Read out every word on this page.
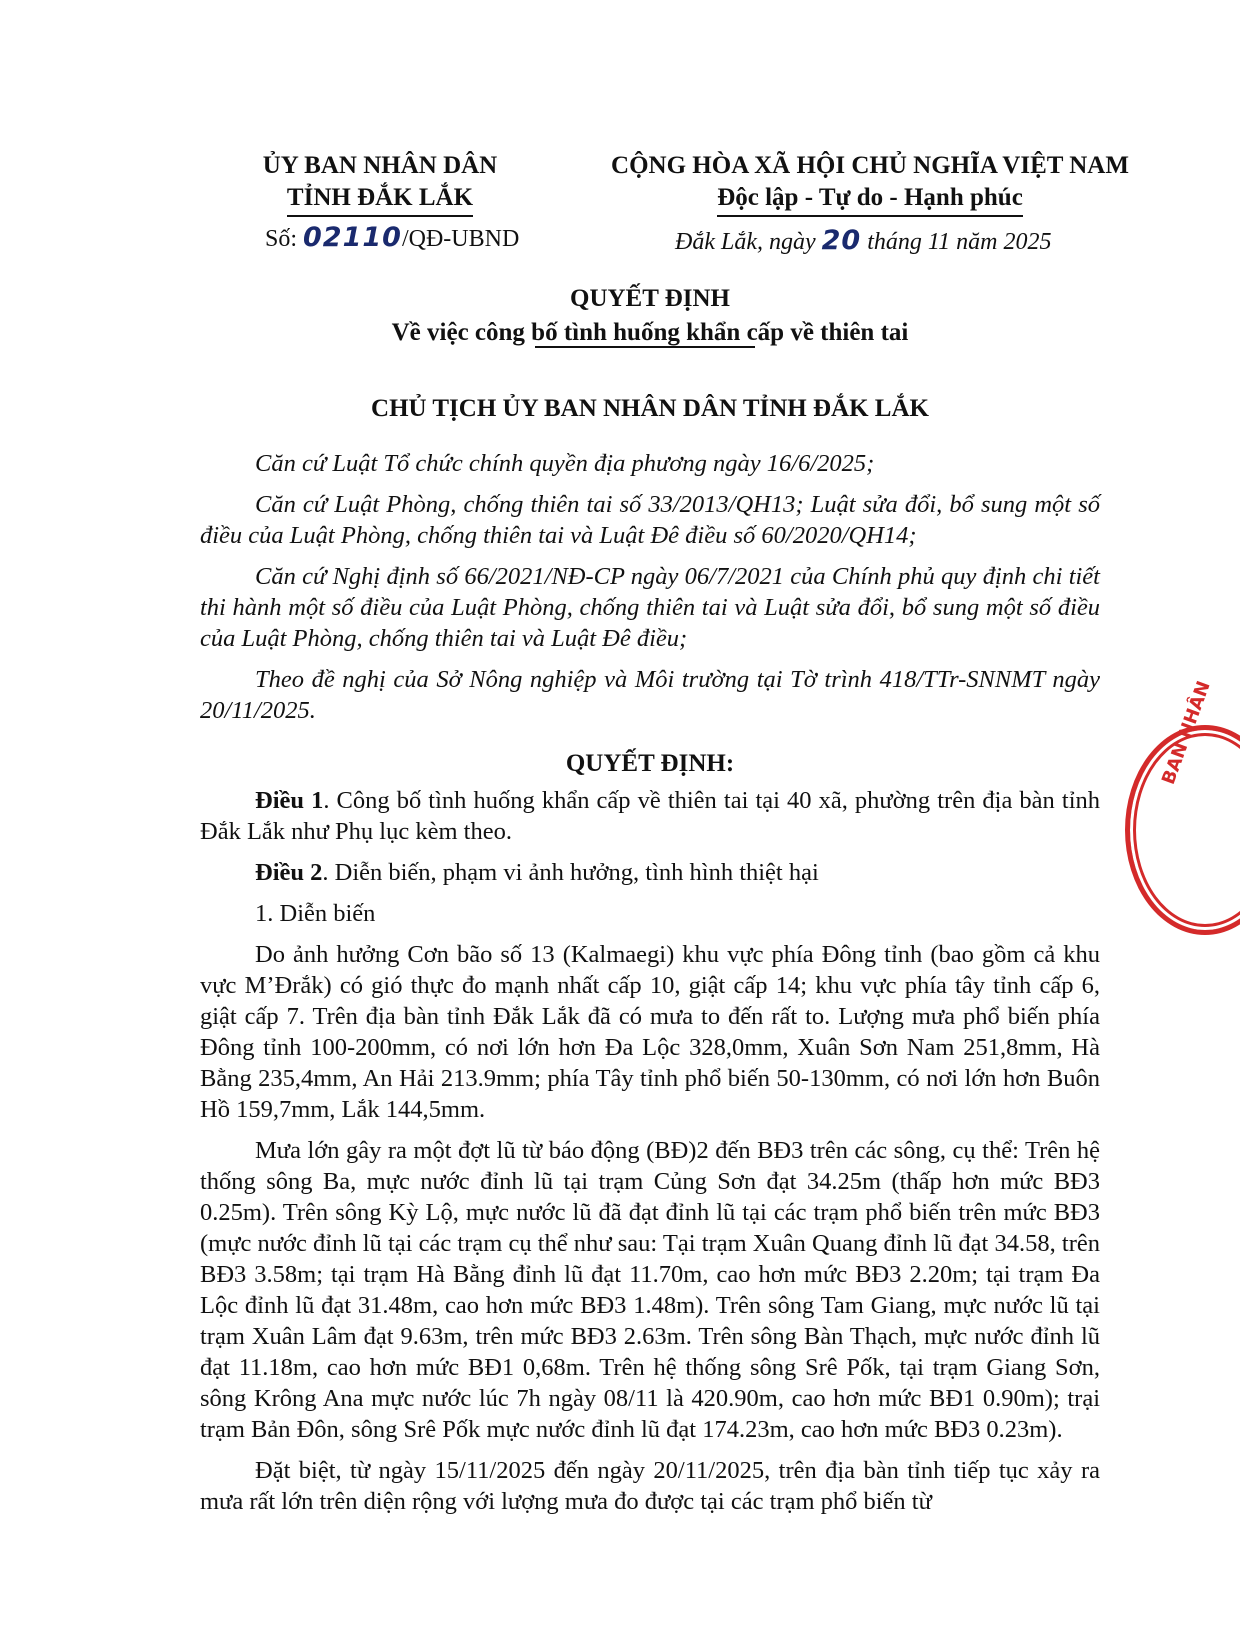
ỦY BAN NHÂN DÂN
TỈNH ĐẮK LẮK
CỘNG HÒA XÃ HỘI CHỦ NGHĨA VIỆT NAM
Độc lập - Tự do - Hạnh phúc
Số: 02110/QĐ-UBND	Đắk Lắk, ngày 20 tháng 11 năm 2025
QUYẾT ĐỊNH
Về việc công bố tình huống khẩn cấp về thiên tai
CHỦ TỊCH ỦY BAN NHÂN DÂN TỈNH ĐẮK LẮK

Căn cứ Luật Tổ chức chính quyền địa phương ngày 16/6/2025;

Căn cứ Luật Phòng, chống thiên tai số 33/2013/QH13; Luật sửa đổi, bổ sung một số điều của Luật Phòng, chống thiên tai và Luật Đê điều số 60/2020/QH14;

Căn cứ Nghị định số 66/2021/NĐ-CP ngày 06/7/2021 của Chính phủ quy định chi tiết thi hành một số điều của Luật Phòng, chống thiên tai và Luật sửa đổi, bổ sung một số điều của Luật Phòng, chống thiên tai và Luật Đê điều;

Theo đề nghị của Sở Nông nghiệp và Môi trường tại Tờ trình 418/TTr-SNNMT ngày 20/11/2025.

QUYẾT ĐỊNH:

Điều 1. Công bố tình huống khẩn cấp về thiên tai tại 40 xã, phường trên địa bàn tỉnh Đắk Lắk như Phụ lục kèm theo.

Điều 2. Diễn biến, phạm vi ảnh hưởng, tình hình thiệt hại

1. Diễn biến

Do ảnh hưởng Cơn bão số 13 (Kalmaegi) khu vực phía Đông tỉnh (bao gồm cả khu vực M’Đrắk) có gió thực đo mạnh nhất cấp 10, giật cấp 14; khu vực phía tây tỉnh cấp 6, giật cấp 7. Trên địa bàn tỉnh Đắk Lắk đã có mưa to đến rất to. Lượng mưa phổ biến phía Đông tỉnh 100-200mm, có nơi lớn hơn Đa Lộc 328,0mm, Xuân Sơn Nam 251,8mm, Hà Bằng 235,4mm, An Hải 213.9mm; phía Tây tỉnh phổ biến 50-130mm, có nơi lớn hơn Buôn Hồ 159,7mm, Lắk 144,5mm.

Mưa lớn gây ra một đợt lũ từ báo động (BĐ)2 đến BĐ3 trên các sông, cụ thể: Trên hệ thống sông Ba, mực nước đỉnh lũ tại trạm Củng Sơn đạt 34.25m (thấp hơn mức BĐ3 0.25m). Trên sông Kỳ Lộ, mực nước lũ đã đạt đỉnh lũ tại các trạm phổ biến trên mức BĐ3 (mực nước đỉnh lũ tại các trạm cụ thể như sau: Tại trạm Xuân Quang đỉnh lũ đạt 34.58, trên BĐ3 3.58m; tại trạm Hà Bằng đỉnh lũ đạt 11.70m, cao hơn mức BĐ3 2.20m; tại trạm Đa Lộc đỉnh lũ đạt 31.48m, cao hơn mức BĐ3 1.48m). Trên sông Tam Giang, mực nước lũ tại trạm Xuân Lâm đạt 9.63m, trên mức BĐ3 2.63m. Trên sông Bàn Thạch, mực nước đỉnh lũ đạt 11.18m, cao hơn mức BĐ1 0,68m. Trên hệ thống sông Srê Pốk, tại trạm Giang Sơn, sông Krông Ana mực nước lúc 7h ngày 08/11 là 420.90m, cao hơn mức BĐ1 0.90m); trại trạm Bản Đôn, sông Srê Pốk mực nước đỉnh lũ đạt 174.23m, cao hơn mức BĐ3 0.23m).

Đặt biệt, từ ngày 15/11/2025 đến ngày 20/11/2025, trên địa bàn tỉnh tiếp tục xảy ra mưa rất lớn trên diện rộng với lượng mưa đo được tại các trạm phổ biến từ

BAN NHÂN
